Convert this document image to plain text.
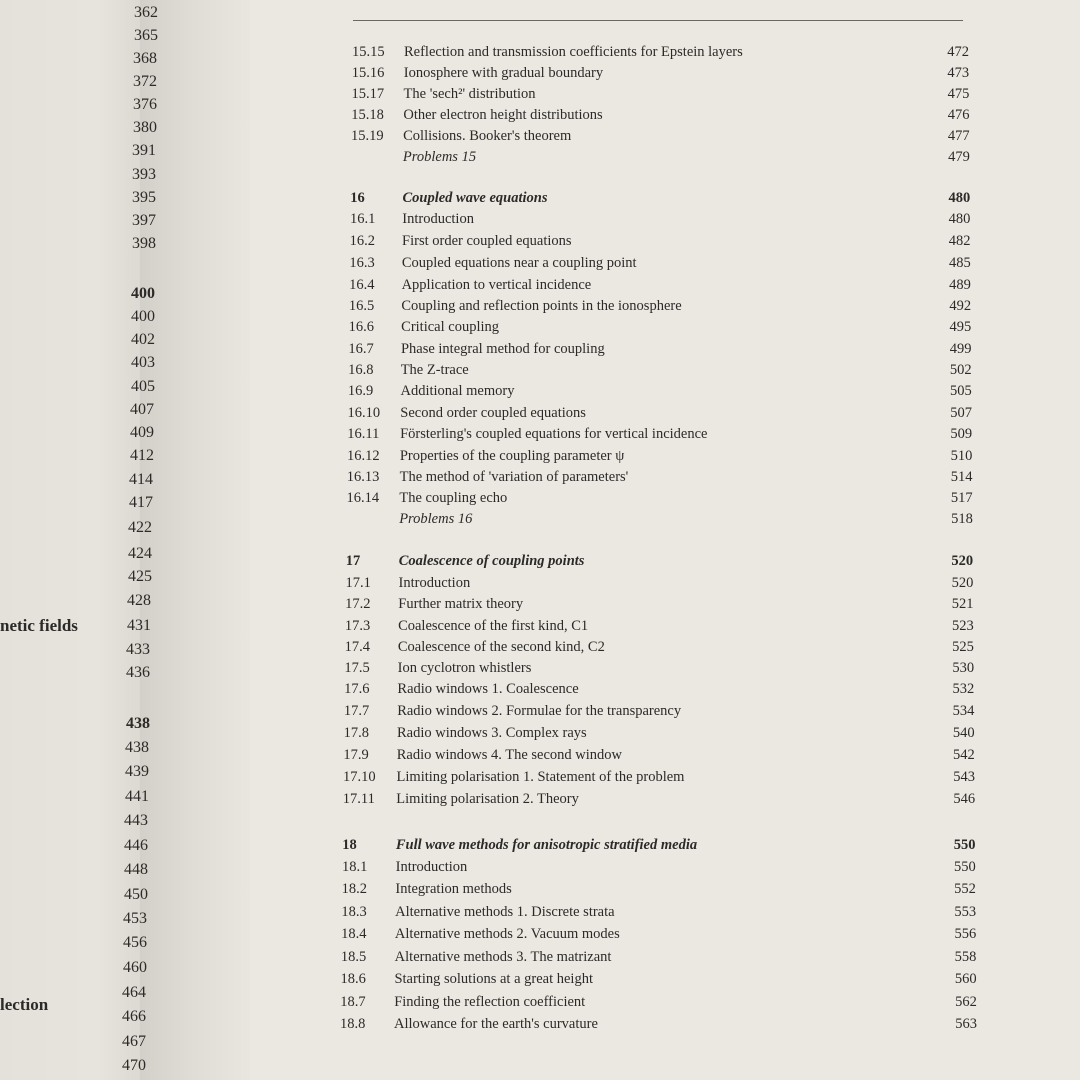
362
365
368
372
376
380
391
393
395
397
398
400
400
402
403
405
407
409
412
414
417
422
424
425
428
431
433
436
438
438
439
441
443
446
448
450
453
456
460
464
466
467
470
netic fields
lection
15.15 Reflection and transmission coefficients for Epstein layers	472
15.16 Ionosphere with gradual boundary	473
15.17 The 'sech²' distribution	475
15.18 Other electron height distributions	476
15.19 Collisions. Booker's theorem	477
Problems 15	479
16	Coupled wave equations	480
16.1 Introduction	480
16.2 First order coupled equations	482
16.3 Coupled equations near a coupling point	485
16.4 Application to vertical incidence	489
16.5 Coupling and reflection points in the ionosphere	492
16.6 Critical coupling	495
16.7 Phase integral method for coupling	499
16.8 The Z-trace	502
16.9 Additional memory	505
16.10 Second order coupled equations	507
16.11 Försterling's coupled equations for vertical incidence	509
16.12 Properties of the coupling parameter ψ	510
16.13 The method of 'variation of parameters'	514
16.14 The coupling echo	517
Problems 16	518
17	Coalescence of coupling points	520
17.1 Introduction	520
17.2 Further matrix theory	521
17.3 Coalescence of the first kind, C1	523
17.4 Coalescence of the second kind, C2	525
17.5 Ion cyclotron whistlers	530
17.6 Radio windows 1. Coalescence	532
17.7 Radio windows 2. Formulae for the transparency	534
17.8 Radio windows 3. Complex rays	540
17.9 Radio windows 4. The second window	542
17.10 Limiting polarisation 1. Statement of the problem	543
17.11 Limiting polarisation 2. Theory	546
18	Full wave methods for anisotropic stratified media	550
18.1 Introduction	550
18.2 Integration methods	552
18.3 Alternative methods 1. Discrete strata	553
18.4 Alternative methods 2. Vacuum modes	556
18.5 Alternative methods 3. The matrizant	558
18.6 Starting solutions at a great height	560
18.7 Finding the reflection coefficient	562
18.8 Allowance for the earth's curvature	563
